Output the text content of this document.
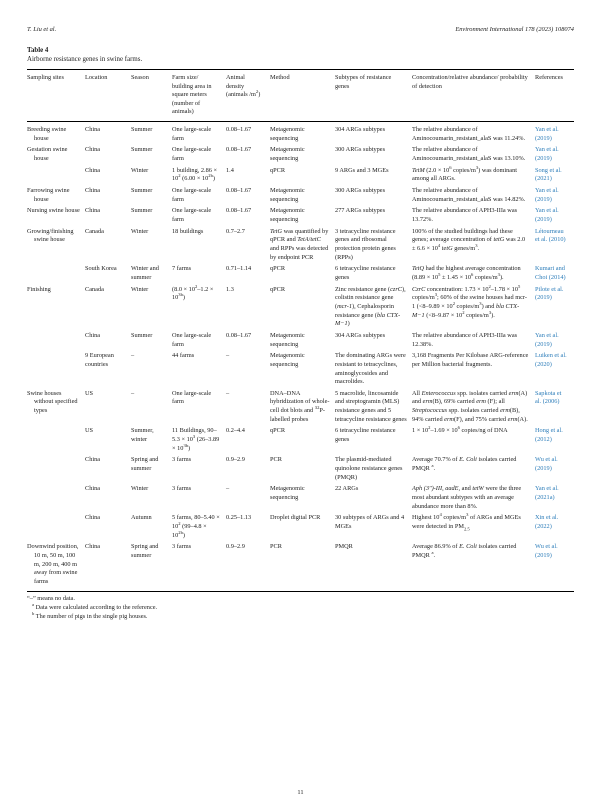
T. Liu et al.	Environment International 178 (2023) 108074
Table 4
Airborne resistance genes in swine farms.
Sampling sites	Location	Season	Farm size/ building area in square meters (number of animals)	Animal density (animals $/m^2$)	Method	Subtypes of resistance genes	Concentration/relative abundance/ probability of detection	References
Breeding swine house	China	Summer	One large-scale farm	0.08–1.67	Metagenomic sequencing	304 ARGs subtypes	The relative abundance of Aminocoumarin_resistant_alaS was 11.24%.	Yan et al. (2019)
Gestation swine house	China	Summer	One large-scale farm	0.08–1.67	Metagenomic sequencing	300 ARGs subtypes	The relative abundance of Aminocoumarin_resistant_alaS was 13.10%.	Yan et al. (2019)
	China	Winter	1 building, $2.86 \times 10^2$ $(6.00 \times 10^{2b})$	1.4	qPCR	9 ARGs and 3 MGEs	TetM ($2.0 \times 10^6$ copies/$m^3$) was dominant among all ARGs.	Song et al. (2021)
Farrowing swine house	China	Summer	One large-scale farm	0.08–1.67	Metagenomic sequencing	300 ARGs subtypes	The relative abundance of Aminocoumarin_resistant_alaS was 14.82%.	Yan et al. (2019)
Nursing swine house	China	Summer	One large-scale farm	0.08–1.67	Metagenomic sequencing	277 ARGs subtypes	The relative abundance of APH3-IIIa was 13.72%.	Yan et al. (2019)
Growing/finishing swine house	Canada	Winter	18 buildings	0.7–2.7	TetG was quantified by qPCR and TetA/tetC and RPPs was detected by endpoint PCR	3 tetracycline resistance genes and ribosomal protection protein genes (RPPs)	100% of the studied buildings had these genes; average concentration of tetG was $2.0 \pm 6.6 \times 10^4$ tetG genes/$m^3$.	Létourneau et al. (2010)
	South Korea	Winter and summer	7 farms	0.71–1.14	qPCR	6 tetracycline resistance genes	TetQ had the highest average concentration ($8.89 \times 10^5 \pm 1.45 \times 10^6$ copies/$m^3$).	Kumari and Choi (2014)
Finishing	Canada	Winter	$(8.0 \times 10^2-1.2 \times 10^{3b})$	1.3	qPCR	Zinc resistance gene (czrC), colistin resistance gene (mcr-1), Cephalosporin resistance gene (bla CTX-M−1)	CzrC concentration: $1.73 \times 10^2-1.78 \times 10^5$ copies/$m^3$; 60% of the swine houses had mcr-1 ($<8-9.89 \times 10^2$ copies/$m^3$) and bla CTX-M−1 ($<8-9.87 \times 10^2$ copies/$m^3$).	Pilote et al. (2019)
	China	Summer	One large-scale farm	0.08–1.67	Metagenomic sequencing	304 ARGs subtypes	The relative abundance of APH3-IIIa was 12.38%.	Yan et al. (2019)
	9 European countries	–	44 farms	–	Metagenomic sequencing	The dominating ARGs were resistant to tetracyclines, aminoglycosides and macrolides.	3,168 Fragments Per Kilobase ARG-reference per Million bacterial fragments.	Luiken et al. (2020)
Swine houses without specified types	US	–	One large-scale farm	–	DNA–DNA hybridization of whole-cell dot blots and $^{32}$P-labelled probes	5 macrolide, lincosamide and streptogramin (MLS) resistance genes and 5 tetracycline resistance genes	All Enterococcus spp. isolates carried erm(A) and erm(B), 69% carried erm (F); all Streptococcus spp. isolates carried erm(B), 94% carried erm(F), and 75% carried erm(A).	Sapkota et al. (2006)
	US	Summer, winter	11 Buildings, $90-5.3 \times 10^3$ $(26-3.89 \times 10^{3b})$	0.2–4.4	qPCR	6 tetracycline resistance genes	$1 \times 10^2-1.69 \times 10^6$ copies/ng of DNA	Hong et al. (2012)
	China	Spring and summer	3 farms	0.9–2.9	PCR	The plasmid-mediated quinolone resistance genes (PMQR)	Average 70.7% of E. Coli isolates carried PMQR $^a$.	Wu et al. (2019)
	China	Winter	3 farms	–	Metagenomic sequencing	22 ARGs	Aph (3″)-III, aadE, and tetW were the three most abundant subtypes with an average abundance more than 8%.	Yan et al. (2021a)
	China	Autumn	5 farms, $80-5.40 \times 10^2$ $(99-4.8 \times 10^{2b})$	0.25–1.13	Droplet digital PCR	30 subtypes of ARGs and 4 MGEs	Highest $10^4$ copies/$m^3$ of ARGs and MGEs were detected in $PM_{2.5}$	Xin et al. (2022)
Downwind position, 10 m, 50 m, 100 m, 200 m, 400 m away from swine farms	China	Spring and summer	3 farms	0.9–2.9	PCR	PMQR	Average 86.9% of E. Coli isolates carried PMQR $^a$.	Wu et al. (2019)
“–” means no data.
$^a$ Data were calculated according to the reference.
$^b$ The number of pigs in the single pig houses.
11
